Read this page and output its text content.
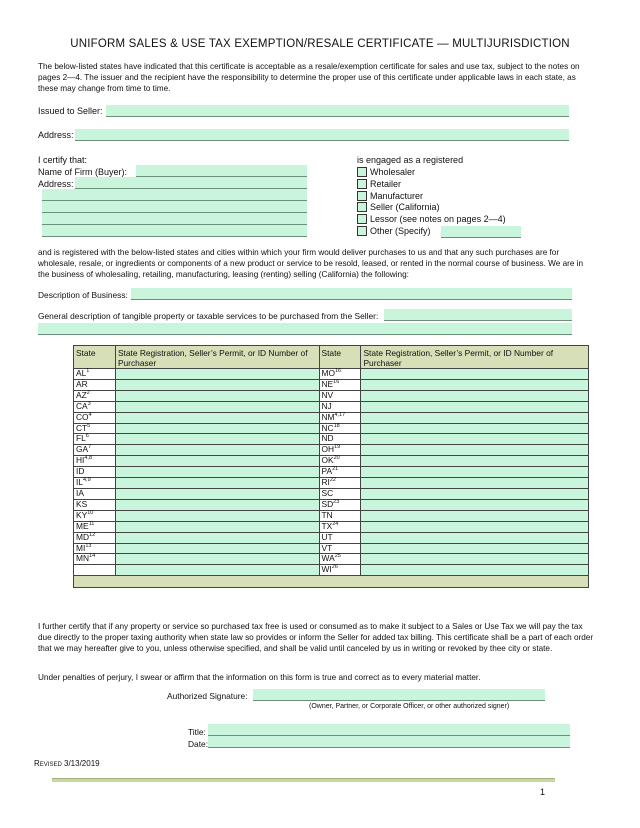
UNIFORM SALES & USE TAX EXEMPTION/RESALE CERTIFICATE — MULTIJURISDICTION
The below-listed states have indicated that this certificate is acceptable as a resale/exemption certificate for sales and use tax, subject to the notes on pages 2—4. The issuer and the recipient have the responsibility to determine the proper use of this certificate under applicable laws in each state, as these may change from time to time.
Issued to Seller:
Address:
I certify that:
Name of Firm (Buyer):
Address:
is engaged as a registered
Wholesaler
Retailer
Manufacturer
Seller (California)
Lessor (see notes on pages 2—4)
Other (Specify)
and is registered with the below-listed states and cities within which your firm would deliver purchases to us and that any such purchases are for wholesale, resale, or ingredients or components of a new product or service to be resold, leased, or rented in the normal course of business. We are in the business of wholesaling, retailing, manufacturing, leasing (renting) selling (California) the following:
Description of Business:
General description of tangible property or taxable services to be purchased from the Seller:
State	State Registration, Seller’s Permit, or ID Number of Purchaser	State	State Registration, Seller’s Permit, or ID Number of Purchaser
$AL^1$		MO$^{16}$	
AR		NE$^{16}$	
$AZ^2$		NV	
$CA^3$		NJ	
$CO^4$		NM$^{4,17}$	
$CT^5$		NC$^{18}$	
$FL^6$		ND	
$GA^7$		OH$^{19}$	
HI$^{4,8}$		OK$^{20}$	
ID		PA$^{21}$	
IL$^{4,9}$		RI$^{22}$	
IA		SC	
KS		SD$^{23}$	
KY$^{10}$		TN	
ME$^{11}$		TX$^{24}$	
MD$^{12}$		UT	
MI$^{13}$		VT	
MN$^{14}$		WA$^{25}$	
		WI$^{26}$	

I further certify that if any property or service so purchased tax free is used or consumed as to make it subject to a Sales or Use Tax we will pay the tax due directly to the proper taxing authority when state law so provides or inform the Seller for added tax billing. This certificate shall be a part of each order that we may hereafter give to you, unless otherwise specified, and shall be valid until canceled by us in writing or revoked by thee city or state.
Under penalties of perjury, I swear or affirm that the information on this form is true and correct as to every material matter.
Authorized Signature:
(Owner, Partner, or Corporate Officer, or other authorized signer)
Title:
Date:
Revised 3/13/2019
1
